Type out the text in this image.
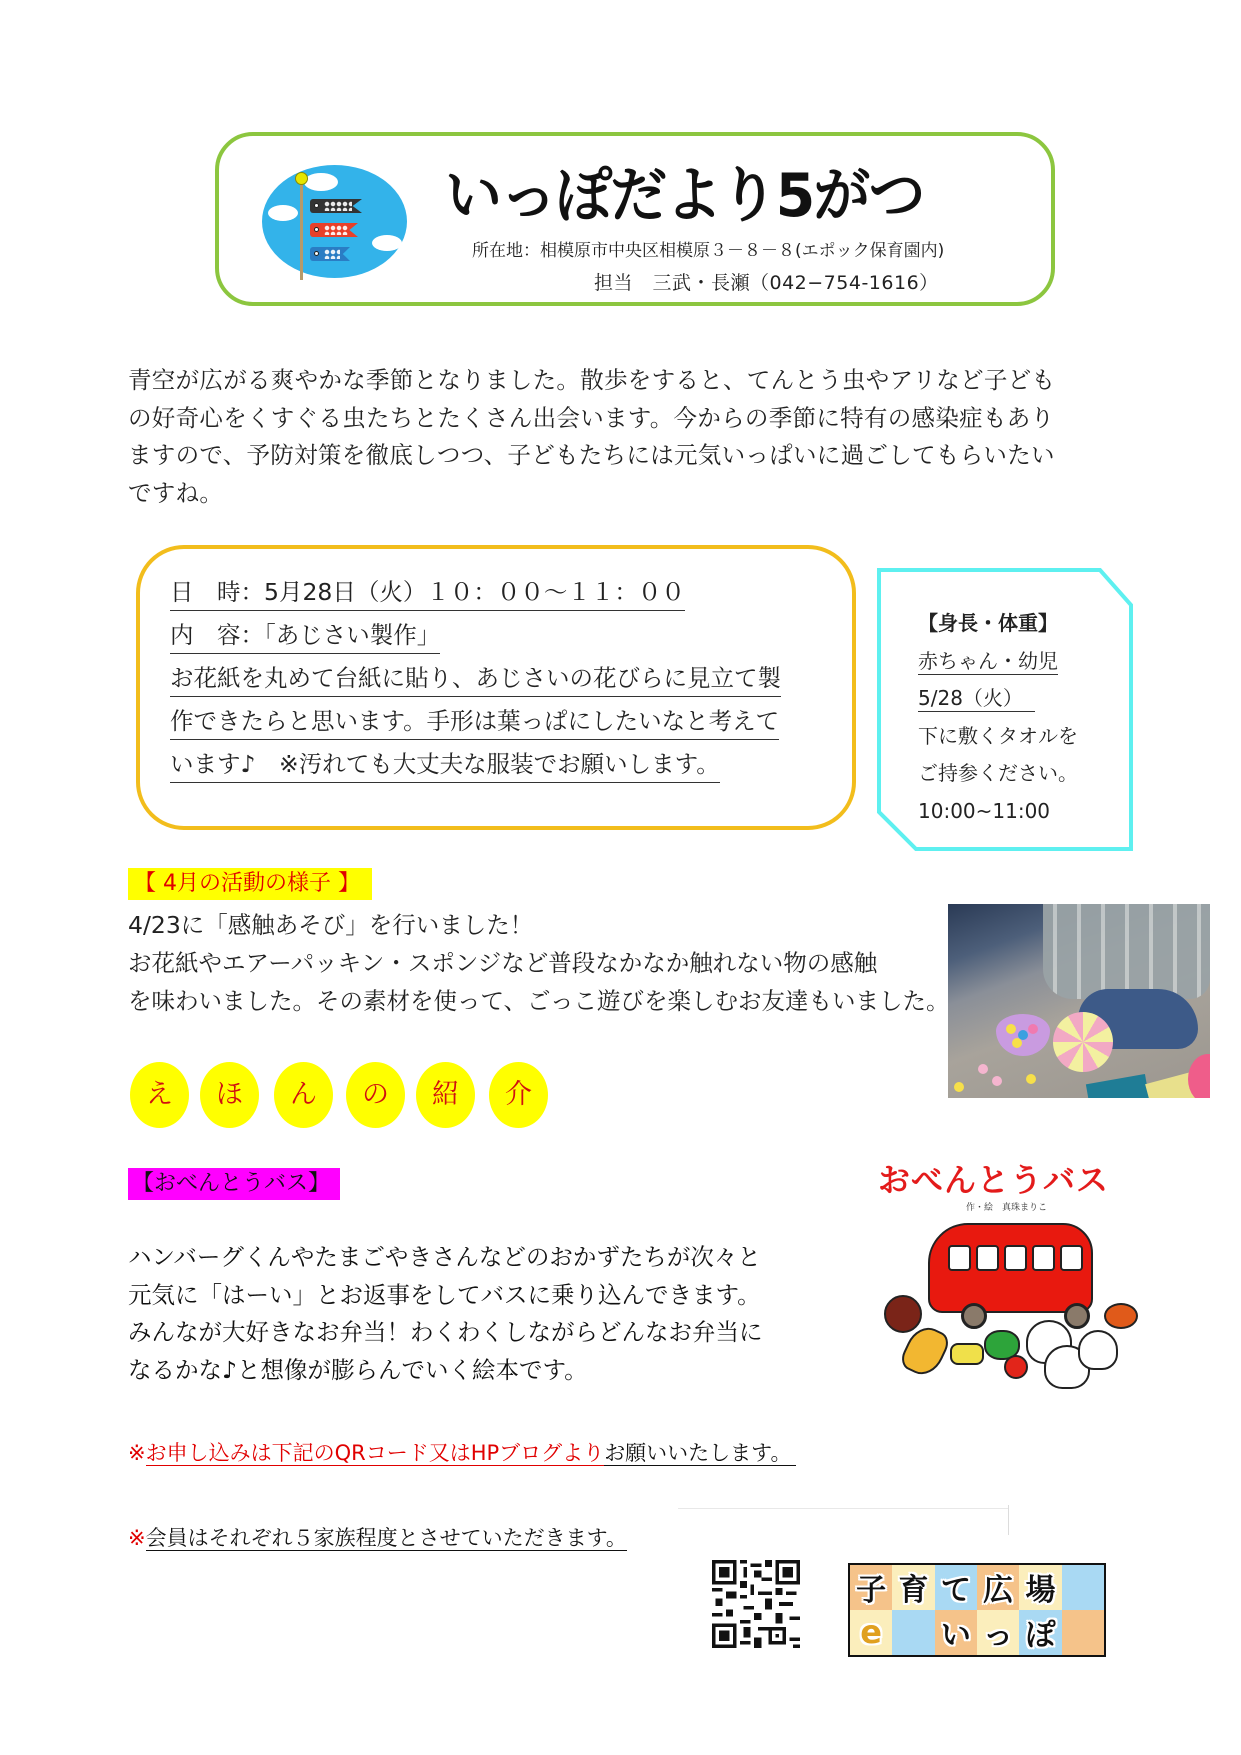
いっぽだより5がつ
所在地：相模原市中央区相模原３－８－８(エポック保育園内)
担当　三武・長瀬（042−754-1616）

青空が広がる爽やかな季節となりました。散歩をすると、てんとう虫やアリなど子ども

の好奇心をくすぐる虫たちとたくさん出会います。今からの季節に特有の感染症もあり

ますので、予防対策を徹底しつつ、子どもたちには元気いっぱいに過ごしてもらいたい

ですね。

日　時：5月28日（火）１０：００～１１：００
内　容：「あじさい製作」
お花紙を丸めて台紙に貼り、あじさいの花びらに見立て製
作できたらと思います。手形は葉っぱにしたいなと考えて
います♪　※汚れても大丈夫な服装でお願いします。
【身長・体重】
赤ちゃん・幼児
5/28（火）
下に敷くタオルを
ご持参ください。
10:00~11:00
【 4月の活動の様子 】

4/23に「感触あそび」を行いました！

お花紙やエアーパッキン・スポンジなど普段なかなか触れない物の感触

を味わいました。その素材を使って、ごっこ遊びを楽しむお友達もいました。

え	ほ	ん	の	紹	介
【おべんとうバス】

ハンバーグくんやたまごやきさんなどのおかずたちが次々と

元気に「はーい」とお返事をしてバスに乗り込んできます。

みんなが大好きなお弁当！わくわくしながらどんなお弁当に

なるかな♪と想像が膨らんでいく絵本です。

おべんとうバス
作・絵　真珠まりこ
※お申し込みは下記のQRコード又はHPブログよりお願いいたします。
※会員はそれぞれ５家族程度とさせていただきます。
子 育 て 広 場
e い っ ぽ
